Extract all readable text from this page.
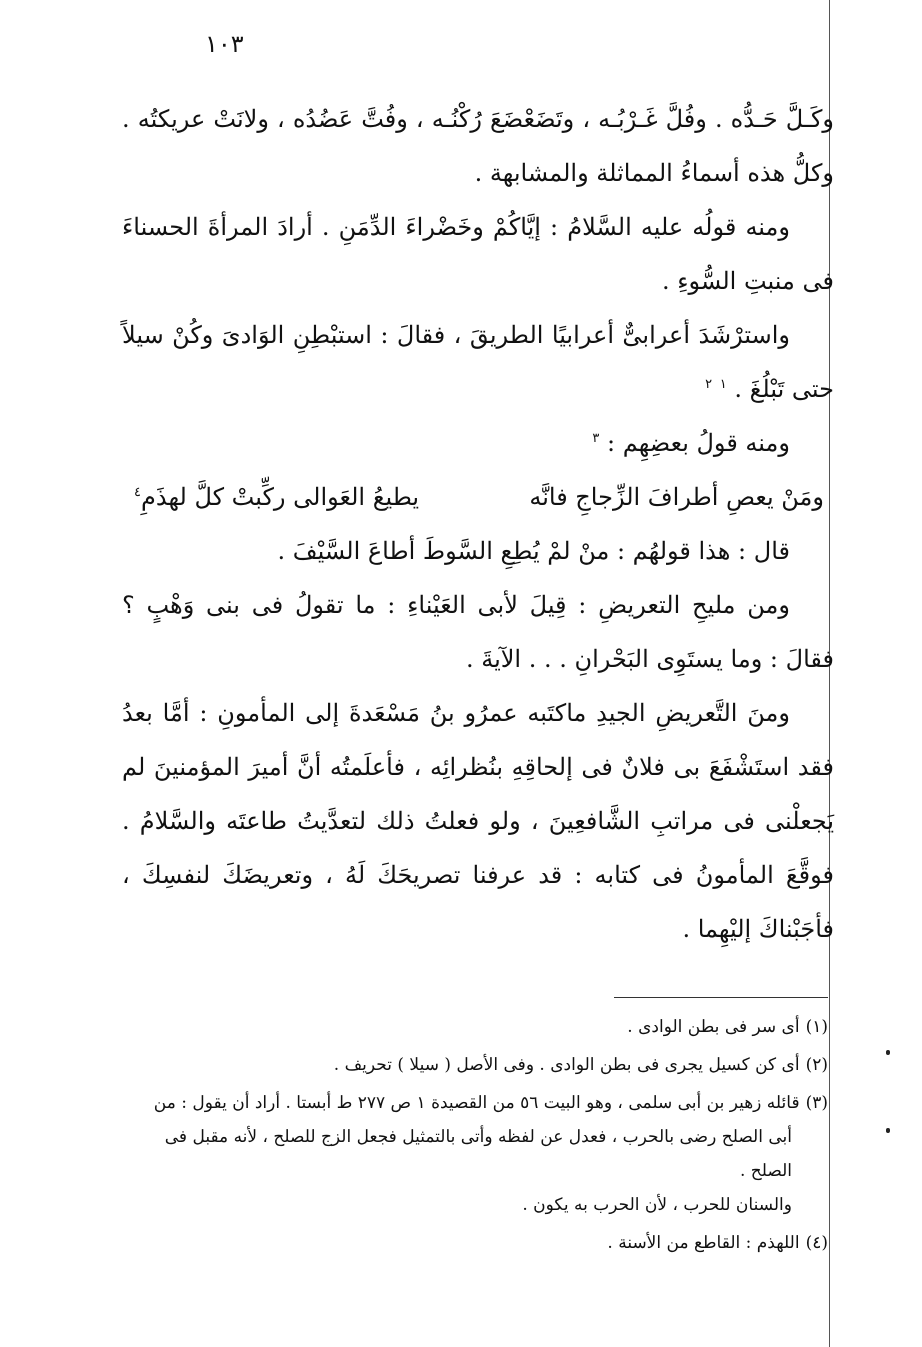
١٠٣

وكَـلَّ حَـدُّه . وفُلَّ غَـرْبُـه ، وتَضَعْضَعَ رُكْنُـه ، وفُتَّ عَضُدُه ، ولانَتْ عريكتُه . وكلُّ هذه أسماءُ المماثلة والمشابهة .

ومنه قولُه عليه السَّلامُ : إيَّاكُمْ وخَضْراءَ الدِّمَنِ . أرادَ المرأةَ الحسناءَ فى منبتِ السُّوءِ .

واسترْشَدَ أعرابىٌّ أعرابيًا الطريقَ ، فقالَ : استبْطِنِ الوَادىَ وكُنْ سيلاً حتى تَبْلُغَ . $^١$ $^٢$

ومنه قولُ بعضِهِم : $^٣$

ومَنْ يعصِ أطرافَ الزِّجاجِ فانَّه
يطيعُ العَوالى ركِّبتْ كلَّ لهذَمِ$^٤$

قال : هذا قولهُم : منْ لمْ يُطِعِ السَّوطَ أطاعَ السَّيْفَ .

ومن مليحِ التعريضِ : قِيلَ لأبى العَيْناءِ : ما تقولُ فى بنى وَهْبٍ ؟ فقالَ : وما يستَوِى البَحْرانِ . . . الآيةَ .

ومنَ التَّعريضِ الجيدِ ماكتَبه عمرُو بنُ مَسْعَدةَ إلى المأمونِ : أمَّا بعدُ فقد استَشْفَعَ بى فلانٌ فى إلحاقِهِ بنُظرائِه ، فأعلَمتُه أنَّ أميرَ المؤمنينَ لم يَجعلْنى فى مراتبِ الشَّافعِينَ ، ولو فعلتُ ذلك لتعدَّيتُ طاعتَه والسَّلامُ . فوقَّعَ المأمونُ فى كتابه : قد عرفنا تصريحَكَ لَهُ ، وتعريضَكَ لنفسِكَ ، فأجَبْناكَ إليْهِما .

(١)أى سر فى بطن الوادى .

(٢)أى كن كسيل يجرى فى بطن الوادى . وفى الأصل ( سيلا ) تحريف .

(٣)قائله زهير بن أبى سلمى ، وهو البيت ٥٦ من القصيدة ١ ص ٢٧٧ ط أبستا . أراد أن يقول : من

أبى الصلح رضى بالحرب ، فعدل عن لفظه وأتى بالتمثيل فجعل الزج للصلح ، لأنه مقبل فى الصلح .

والسنان للحرب ، لأن الحرب به يكون .

(٤)اللهذم : القاطع من الأسنة .
